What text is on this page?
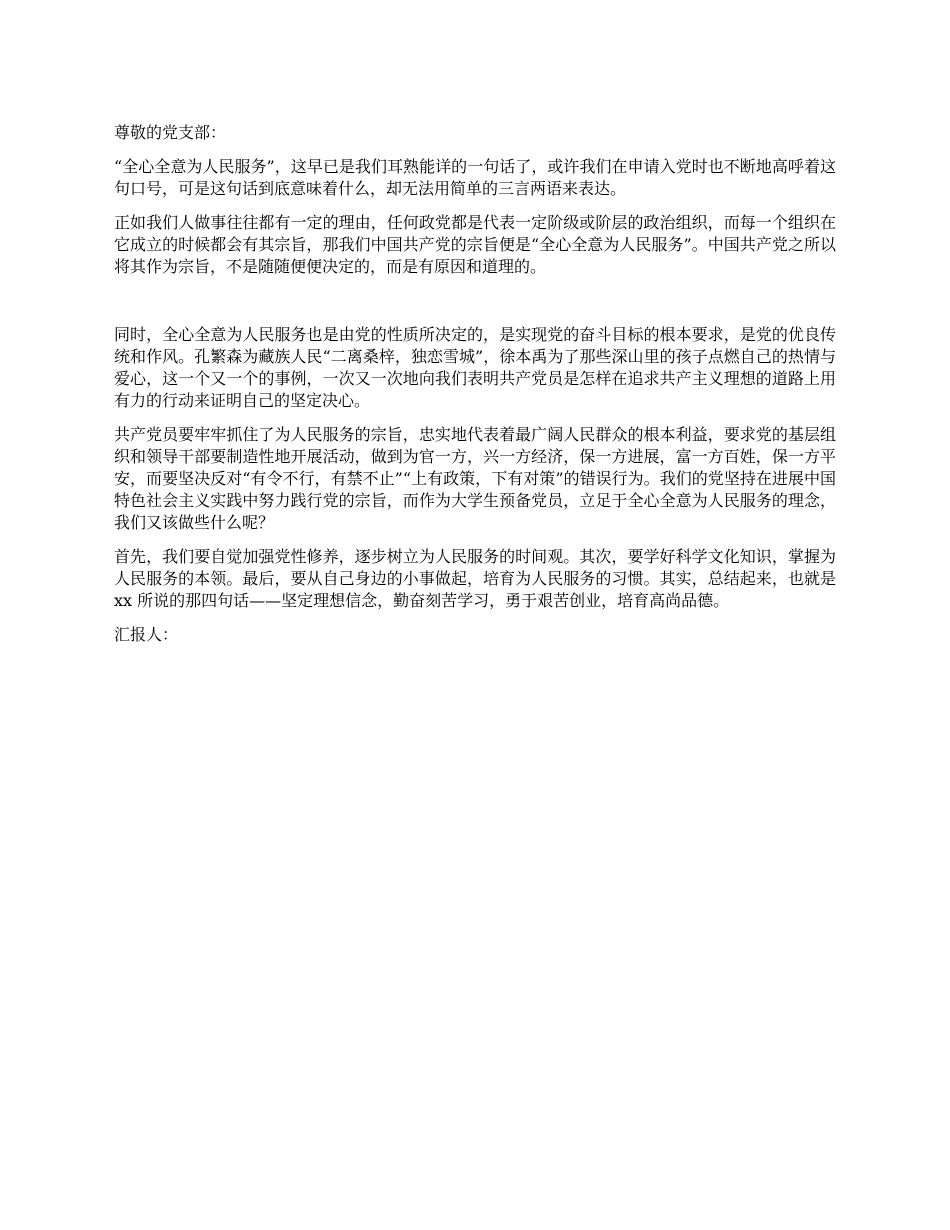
尊敬的党支部：

“全心全意为人民服务”，这早已是我们耳熟能详的一句话了，或许我们在申请入党时也不断地高呼着这句口号，可是这句话到底意味着什么，却无法用简单的三言两语来表达。

正如我们人做事往往都有一定的理由，任何政党都是代表一定阶级或阶层的政治组织，而每一个组织在它成立的时候都会有其宗旨，那我们中国共产党的宗旨便是“全心全意为人民服务”。中国共产党之所以将其作为宗旨，不是随随便便决定的，而是有原因和道理的。

同时，全心全意为人民服务也是由党的性质所决定的，是实现党的奋斗目标的根本要求，是党的优良传统和作风。孔繁森为藏族人民“二离桑梓，独恋雪城”，徐本禹为了那些深山里的孩子点燃自己的热情与爱心，这一个又一个的事例，一次又一次地向我们表明共产党员是怎样在追求共产主义理想的道路上用有力的行动来证明自己的坚定决心。

共产党员要牢牢抓住了为人民服务的宗旨，忠实地代表着最广阔人民群众的根本利益，要求党的基层组织和领导干部要制造性地开展活动，做到为官一方，兴一方经济，保一方进展，富一方百姓，保一方平安，而要坚决反对“有令不行，有禁不止”“上有政策，下有对策”的错误行为。我们的党坚持在进展中国特色社会主义实践中努力践行党的宗旨，而作为大学生预备党员，立足于全心全意为人民服务的理念，我们又该做些什么呢？

首先，我们要自觉加强党性修养，逐步树立为人民服务的时间观。其次，要学好科学文化知识，掌握为人民服务的本领。最后，要从自己身边的小事做起，培育为人民服务的习惯。其实，总结起来，也就是 xx 所说的那四句话——坚定理想信念，勤奋刻苦学习，勇于艰苦创业，培育高尚品德。

汇报人：
